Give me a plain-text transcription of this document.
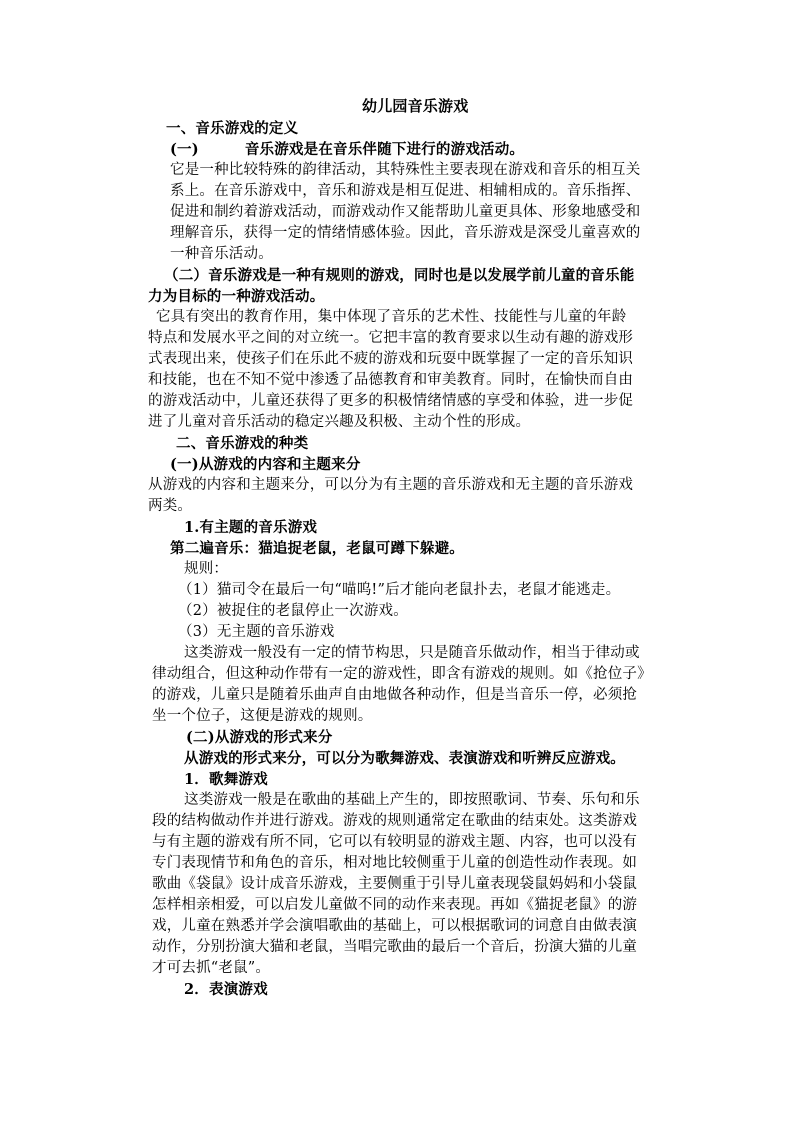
幼儿园音乐游戏
一、音乐游戏的定义
(一)	音乐游戏是在音乐伴随下进行的游戏活动。
它是一种比较特殊的韵律活动，其特殊性主要表现在游戏和音乐的相互关
系上。在音乐游戏中，音乐和游戏是相互促进、相辅相成的。音乐指挥、
促进和制约着游戏活动，而游戏动作又能帮助儿童更具体、形象地感受和
理解音乐，获得一定的情绪情感体验。因此，音乐游戏是深受儿童喜欢的
一种音乐活动。
（二）音乐游戏是一种有规则的游戏，同时也是以发展学前儿童的音乐能
力为目标的一种游戏活动。
它具有突出的教育作用，集中体现了音乐的艺术性、技能性与儿童的年龄
特点和发展水平之间的对立统一。它把丰富的教育要求以生动有趣的游戏形
式表现出来，使孩子们在乐此不疲的游戏和玩耍中既掌握了一定的音乐知识
和技能，也在不知不觉中渗透了品德教育和审美教育。同时，在愉快而自由
的游戏活动中，儿童还获得了更多的积极情绪情感的享受和体验，进一步促
进了儿童对音乐活动的稳定兴趣及积极、主动个性的形成。
二、音乐游戏的种类
(一)从游戏的内容和主题来分
从游戏的内容和主题来分，可以分为有主题的音乐游戏和无主题的音乐游戏
两类。
1.有主题的音乐游戏
第二遍音乐：猫追捉老鼠，老鼠可蹲下躲避。
规则：
（1）猫司令在最后一句“喵呜!”后才能向老鼠扑去，老鼠才能逃走。
（2）被捉住的老鼠停止一次游戏。
（3）无主题的音乐游戏
这类游戏一般没有一定的情节构思，只是随音乐做动作，相当于律动或
律动组合，但这种动作带有一定的游戏性，即含有游戏的规则。如《抢位子》
的游戏，儿童只是随着乐曲声自由地做各种动作，但是当音乐一停，必须抢
坐一个位子，这便是游戏的规则。
(二)从游戏的形式来分
从游戏的形式来分，可以分为歌舞游戏、表演游戏和听辨反应游戏。
1．歌舞游戏
这类游戏一般是在歌曲的基础上产生的，即按照歌词、节奏、乐句和乐
段的结构做动作并进行游戏。游戏的规则通常定在歌曲的结束处。这类游戏
与有主题的游戏有所不同，它可以有较明显的游戏主题、内容，也可以没有
专门表现情节和角色的音乐，相对地比较侧重于儿童的创造性动作表现。如
歌曲《袋鼠》设计成音乐游戏，主要侧重于引导儿童表现袋鼠妈妈和小袋鼠
怎样相亲相爱，可以启发儿童做不同的动作来表现。再如《猫捉老鼠》的游
戏，儿童在熟悉并学会演唱歌曲的基础上，可以根据歌词的词意自由做表演
动作，分别扮演大猫和老鼠，当唱完歌曲的最后一个音后，扮演大猫的儿童
才可去抓“老鼠”。
2．表演游戏
